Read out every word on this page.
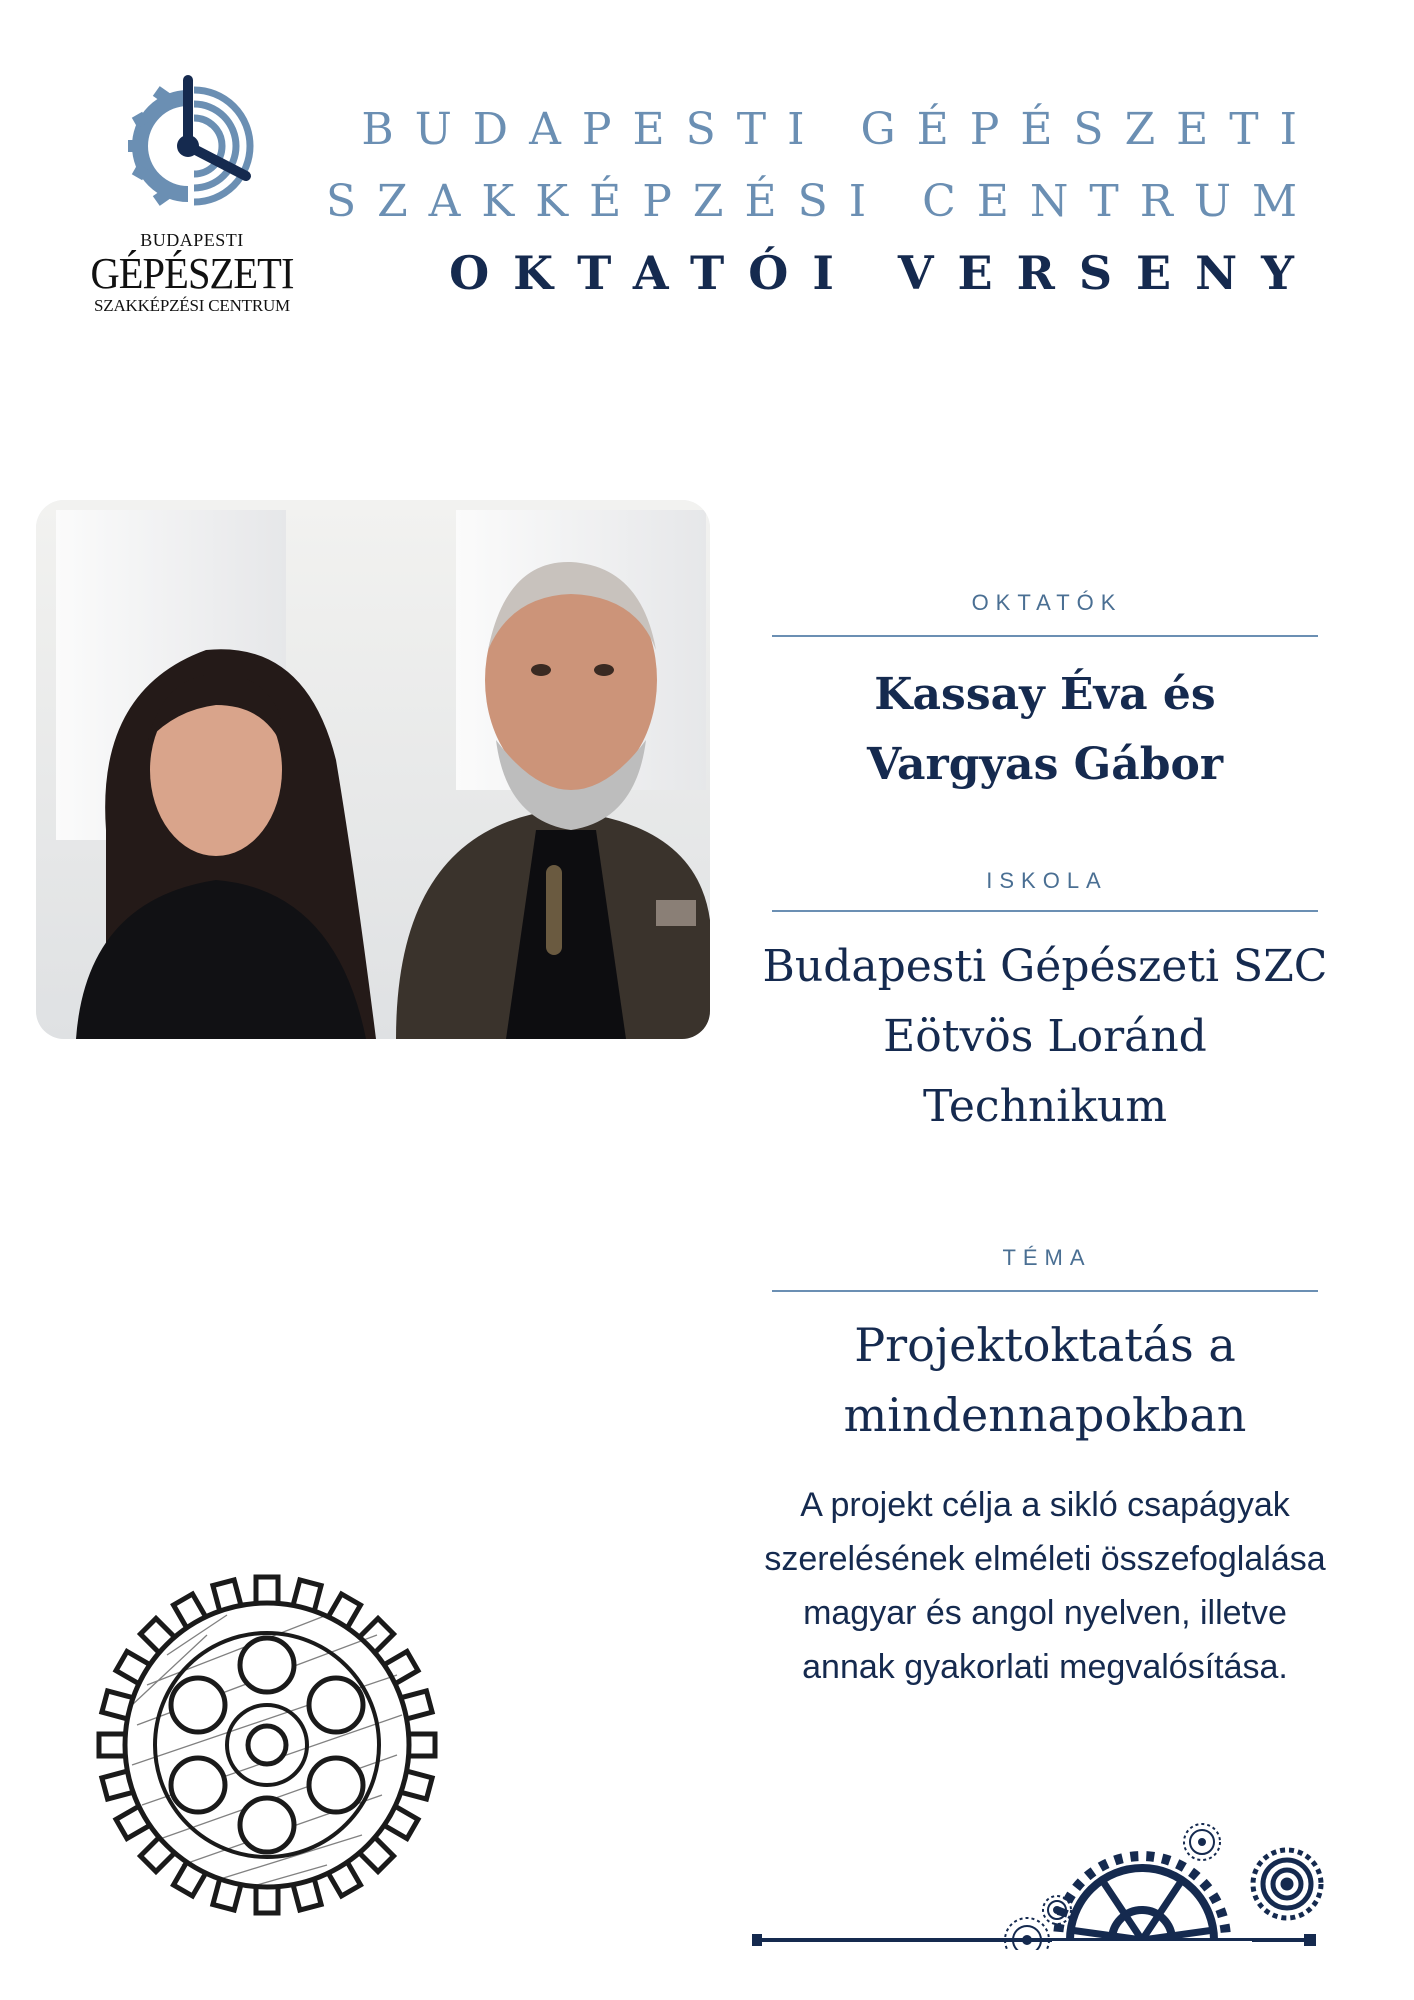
BUDAPESTI
GÉPÉSZETI
SZAKKÉPZÉSI CENTRUM
BUDAPESTI GÉPÉSZETI
SZAKKÉPZÉSI CENTRUM
OKTATÓI VERSENY
OKTATÓK
Kassay Éva és
Vargyas Gábor
ISKOLA
Budapesti Gépészeti SZC
Eötvös Loránd
Technikum
TÉMA
Projektoktatás a
mindennapokban
A projekt célja a sikló csapágyak
szerelésének elméleti összefoglalása
magyar és angol nyelven, illetve
annak gyakorlati megvalósítása.
